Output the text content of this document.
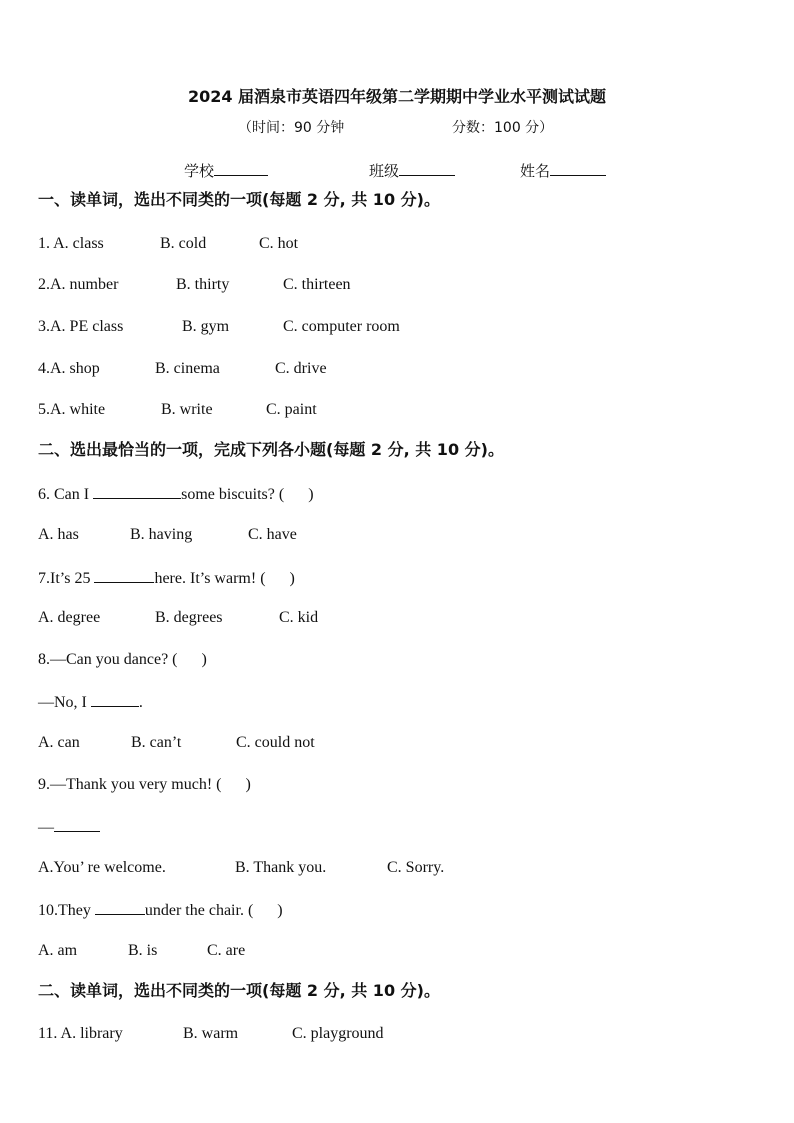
2024 届酒泉市英语四年级第二学期期中学业水平测试试题
（时间：90 分钟	分数：100 分）
学校	班级	姓名
一、读单词，选出不同类的一项(每题 2 分, 共 10 分)。
1. A. class	B. cold	C. hot
2.A. number	B. thirty	C. thirteen
3.A. PE class	B. gym	C. computer room
4.A. shop	B. cinema	C. drive
5.A. white	B. write	C. paint
二、选出最恰当的一项，完成下列各小题(每题 2 分, 共 10 分)。
6. Can I	some biscuits? (      )
A. has	B. having	C. have
7.It’s 25	here. It’s warm! (      )
A. degree	B. degrees	C. kid
8.—Can you dance? (      )
—No, I	.
A. can	B. can’t	C. could not
9.—Thank you very much! (      )
—
A.You’ re welcome.	B. Thank you.	C. Sorry.
10.They	under the chair. (      )
A. am	B. is	C. are
二、读单词，选出不同类的一项(每题 2 分, 共 10 分)。
11. A. library	B. warm	C. playground
